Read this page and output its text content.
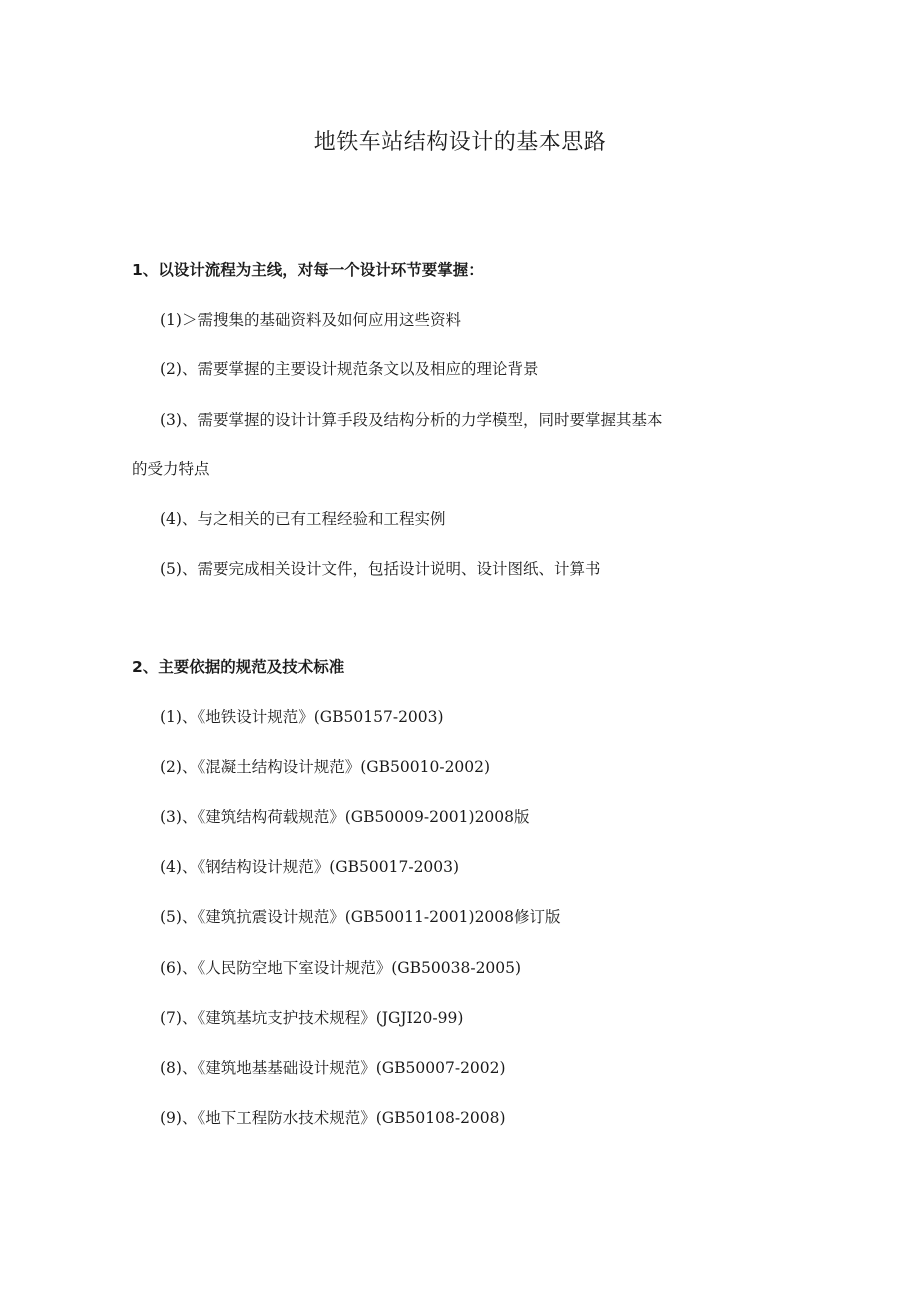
地铁车站结构设计的基本思路
1、以设计流程为主线，对每一个设计环节要掌握：
(1)＞需搜集的基础资料及如何应用这些资料
(2)、需要掌握的主要设计规范条文以及相应的理论背景
(3)、需要掌握的设计计算手段及结构分析的力学模型，同时要掌握其基本
的受力特点
(4)、与之相关的已有工程经验和工程实例
(5)、需要完成相关设计文件，包括设计说明、设计图纸、计算书
2、主要依据的规范及技术标准
(1)、《地铁设计规范》(GB50157-2003)
(2)、《混凝土结构设计规范》(GB50010-2002)
(3)、《建筑结构荷载规范》(GB50009-2001)2008版
(4)、《钢结构设计规范》(GB50017-2003)
(5)、《建筑抗震设计规范》(GB50011-2001)2008修订版
(6)、《人民防空地下室设计规范》(GB50038-2005)
(7)、《建筑基坑支护技术规程》(JGJI20-99)
(8)、《建筑地基基础设计规范》(GB50007-2002)
(9)、《地下工程防水技术规范》(GB50108-2008)
